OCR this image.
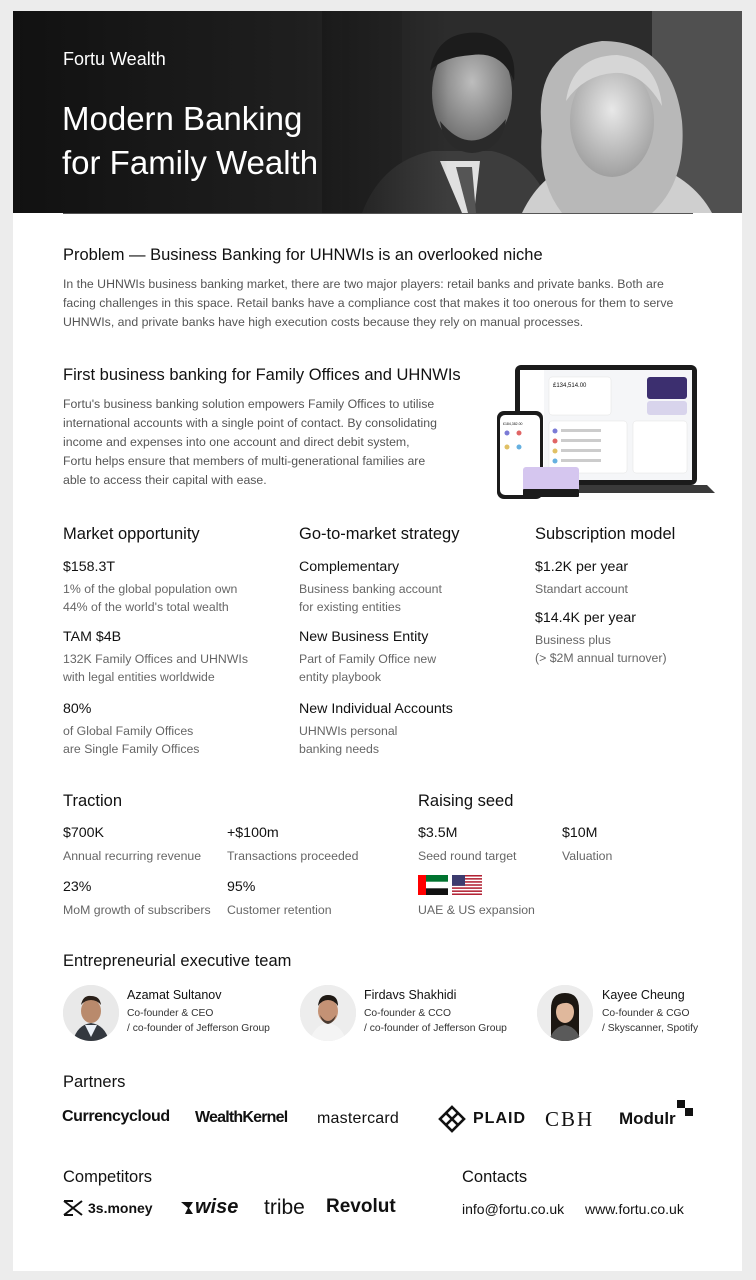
Fortu Wealth
Modern Banking
for Family Wealth
Problem — Business Banking for UHNWIs is an overlooked niche
In the UHNWIs business banking market, there are two major players: retail banks and private banks. Both are
facing challenges in this space. Retail banks have a compliance cost that makes it too onerous for them to serve
UHNWIs, and private banks have high execution costs because they rely on manual processes.
First business banking for Family Offices and UHNWIs
Fortu's business banking solution empowers Family Offices to utilise
international accounts with a single point of contact. By consolidating
income and expenses into one account and direct debit system,
Fortu helps ensure that members of multi-generational families are
able to access their capital with ease.
£134,514.00
£184,382.00
Market opportunity
$158.3T
1% of the global population own
44% of the world's total wealth
TAM $4B
132K Family Offices and UHNWIs
with legal entities worldwide
80%
of Global Family Offices
are Single Family Offices
Go-to-market strategy
Complementary
Business banking account
for existing entities
New Business Entity
Part of Family Office new
entity playbook
New Individual Accounts
UHNWIs personal
banking needs
Subscription model
$1.2K per year
Standart account
$14.4K per year
Business plus
(> $2M annual turnover)
Traction
$700K
Annual recurring revenue
+$100m
Transactions proceeded
23%
MoM growth of subscribers
95%
Customer retention
Raising seed
$3.5M
Seed round target
$10M
Valuation
UAE & US expansion
Entrepreneurial executive team
Azamat Sultanov
Co-founder & CEO
/ co-founder of Jefferson Group
Firdavs Shakhidi
Co-founder & CCO
/ co-founder of Jefferson Group
Kayee Cheung
Co-founder & CGO
/ Skyscanner, Spotify
Partners
Currencycloud WealthKernel mastercard	PLAID CBH Modulr
Competitors
3s.money wise tribe Revolut
Contacts
info@fortu.co.uk www.fortu.co.uk
